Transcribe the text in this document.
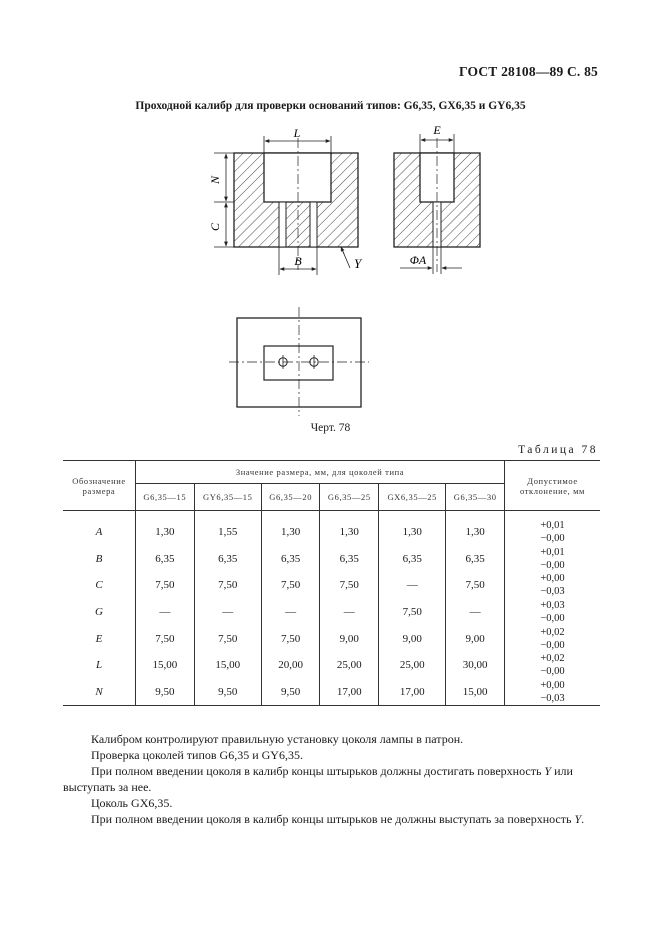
ГОСТ 28108—89 С. 85
Проходной калибр для проверки оснований типов: G6,35, GX6,35 и GY6,35
L
N
C
B	Y
E
ΦA
Черт. 78
Таблица 78
Обозначение размера	Значение размера, мм, для цоколей типа						Допустимое отклонение, мм
	G6,35—15	GY6,35—15	G6,35—20	G6,35—25	GX6,35—25	G6,35—30	
A	1,30	1,55	1,30	1,30	1,30	1,30	+0,01
−0,00

B	6,35	6,35	6,35	6,35	6,35	6,35	+0,01
−0,00

C	7,50	7,50	7,50	7,50	—	7,50	+0,00
−0,03

G	—	—	—	—	7,50	—	+0,03
−0,00

E	7,50	7,50	7,50	9,00	9,00	9,00	+0,02
−0,00

L	15,00	15,00	20,00	25,00	25,00	30,00	+0,02
−0,00

N	9,50	9,50	9,50	17,00	17,00	15,00	+0,00
−0,03
Калибром контролируют правильную установку цоколя лампы в патрон.
Проверка цоколей типов G6,35 и GY6,35.
При полном введении цоколя в калибр концы штырьков должны достигать поверхность Y или выступать за нее.
Цоколь GX6,35.
При полном введении цоколя в калибр концы штырьков не должны выступать за поверхность Y.
